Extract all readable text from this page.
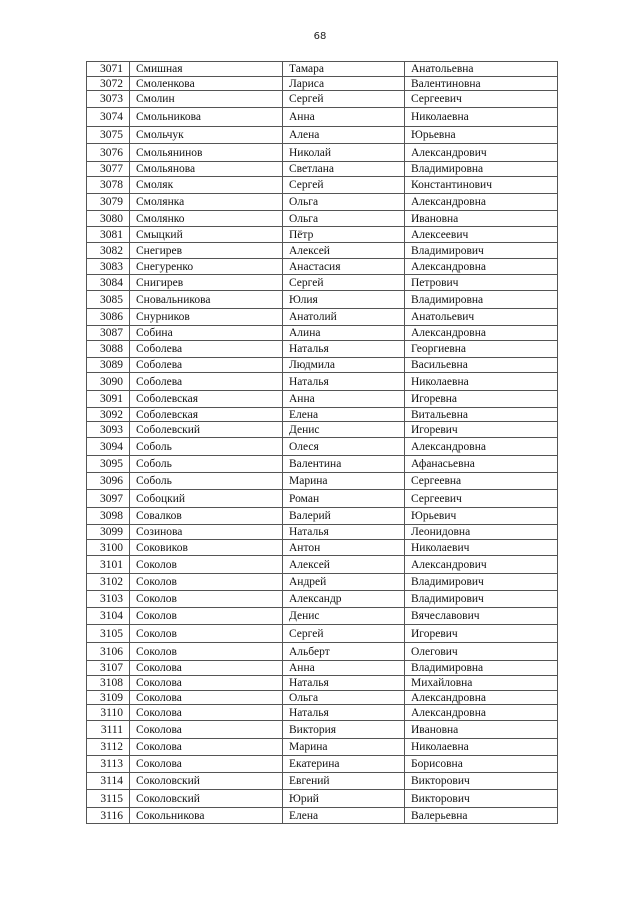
68
3071	Смишная	Тамара	Анатольевна
3072	Смоленкова	Лариса	Валентиновна
3073	Смолин	Сергей	Сергеевич
3074	Смольникова	Анна	Николаевна
3075	Смольчук	Алена	Юрьевна
3076	Смольянинов	Николай	Александрович
3077	Смольянова	Светлана	Владимировна
3078	Смоляк	Сергей	Константинович
3079	Смолянка	Ольга	Александровна
3080	Смолянко	Ольга	Ивановна
3081	Смыцкий	Пётр	Алексеевич
3082	Снегирев	Алексей	Владимирович
3083	Снегуренко	Анастасия	Александровна
3084	Снигирев	Сергей	Петрович
3085	Сновальникова	Юлия	Владимировна
3086	Снурников	Анатолий	Анатольевич
3087	Собина	Алина	Александровна
3088	Соболева	Наталья	Георгиевна
3089	Соболева	Людмила	Васильевна
3090	Соболева	Наталья	Николаевна
3091	Соболевская	Анна	Игоревна
3092	Соболевская	Елена	Витальевна
3093	Соболевский	Денис	Игоревич
3094	Соболь	Олеся	Александровна
3095	Соболь	Валентина	Афанасьевна
3096	Соболь	Марина	Сергеевна
3097	Собоцкий	Роман	Сергеевич
3098	Совалков	Валерий	Юрьевич
3099	Созинова	Наталья	Леонидовна
3100	Соковиков	Антон	Николаевич
3101	Соколов	Алексей	Александрович
3102	Соколов	Андрей	Владимирович
3103	Соколов	Александр	Владимирович
3104	Соколов	Денис	Вячеславович
3105	Соколов	Сергей	Игоревич
3106	Соколов	Альберт	Олегович
3107	Соколова	Анна	Владимировна
3108	Соколова	Наталья	Михайловна
3109	Соколова	Ольга	Александровна
3110	Соколова	Наталья	Александровна
3111	Соколова	Виктория	Ивановна
3112	Соколова	Марина	Николаевна
3113	Соколова	Екатерина	Борисовна
3114	Соколовский	Евгений	Викторович
3115	Соколовский	Юрий	Викторович
3116	Сокольникова	Елена	Валерьевна
